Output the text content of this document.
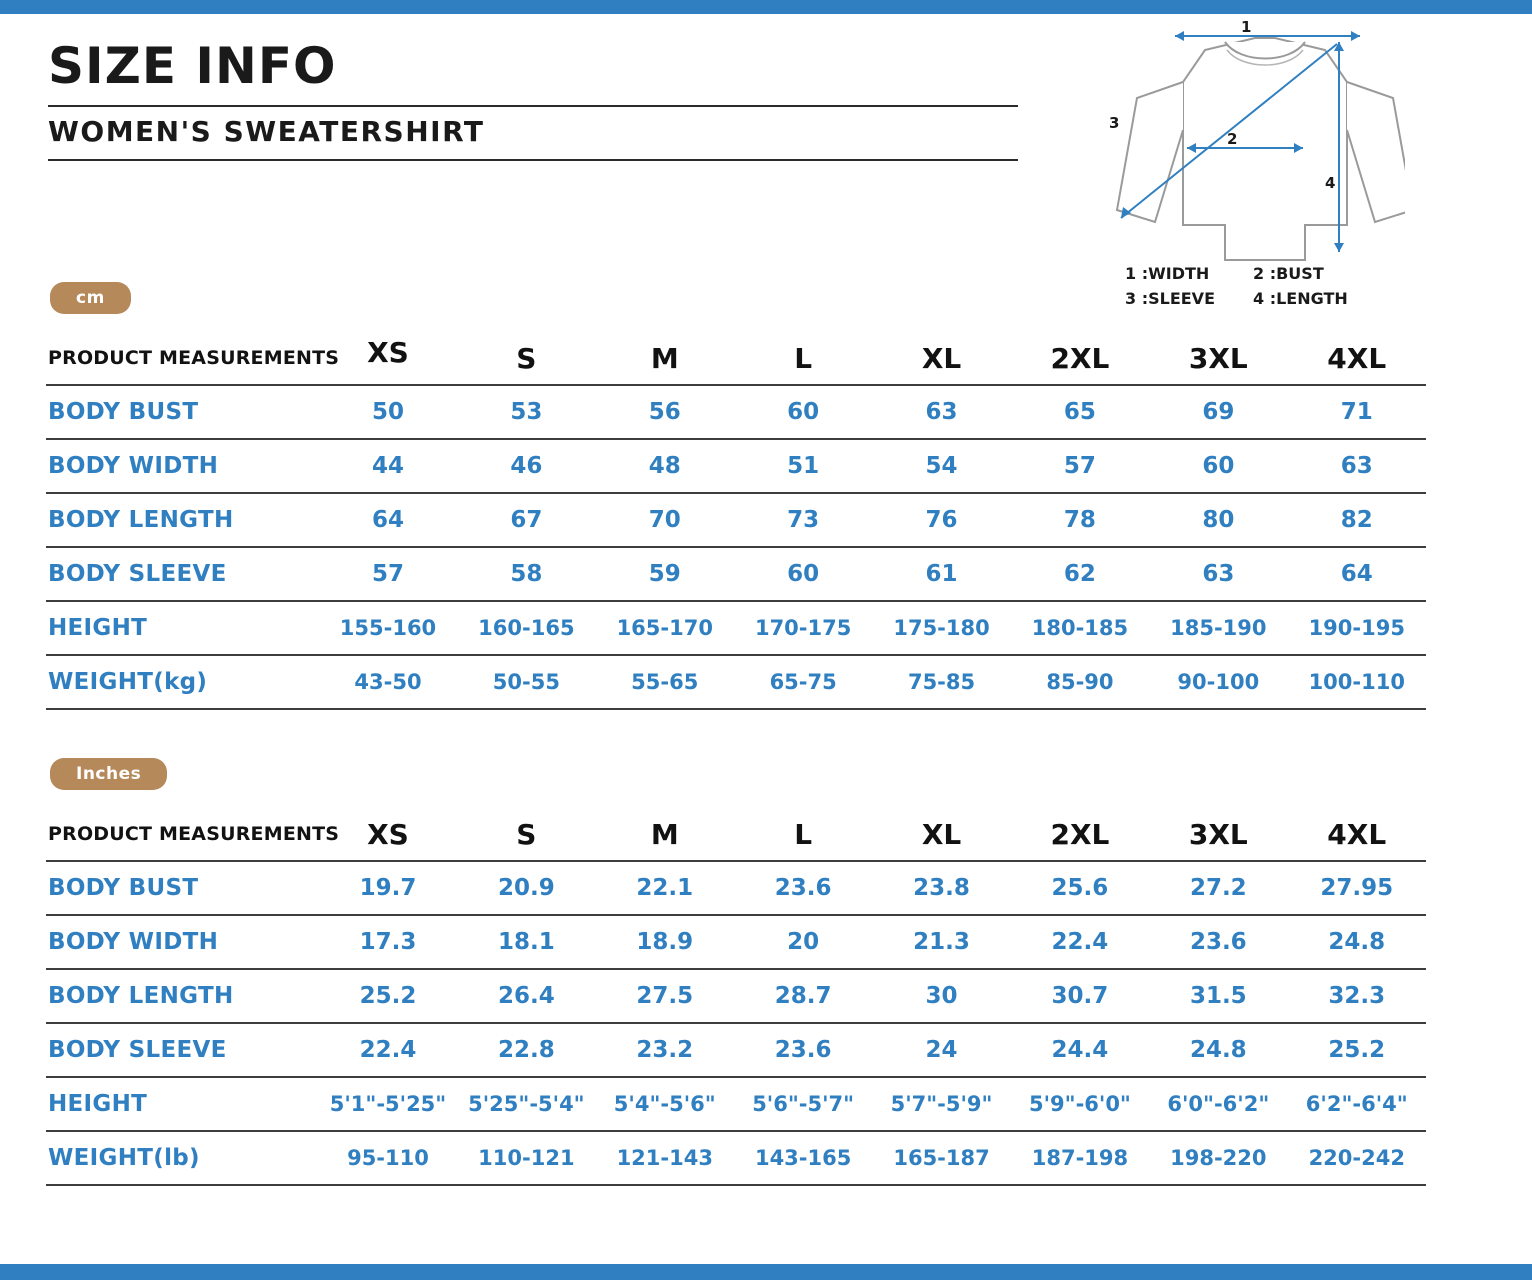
SIZE INFO
WOMEN'S SWEATERSHIRT
1
2
3
4
1 :WIDTH	2 :BUST
3 :SLEEVE	4 :LENGTH
cm
PRODUCT MEASUREMENTS	XS	S	M	L	XL	2XL	3XL	4XL
BODY BUST	50	53	56	60	63	65	69	71
BODY WIDTH	44	46	48	51	54	57	60	63
BODY LENGTH	64	67	70	73	76	78	80	82
BODY SLEEVE	57	58	59	60	61	62	63	64
HEIGHT	155-160	160-165	165-170	170-175	175-180	180-185	185-190	190-195
WEIGHT(kg)	43-50	50-55	55-65	65-75	75-85	85-90	90-100	100-110
Inches
PRODUCT MEASUREMENTS	XS	S	M	L	XL	2XL	3XL	4XL
BODY BUST	19.7	20.9	22.1	23.6	23.8	25.6	27.2	27.95
BODY WIDTH	17.3	18.1	18.9	20	21.3	22.4	23.6	24.8
BODY LENGTH	25.2	26.4	27.5	28.7	30	30.7	31.5	32.3
BODY SLEEVE	22.4	22.8	23.2	23.6	24	24.4	24.8	25.2
HEIGHT	5'1"-5'25"	5'25"-5'4"	5'4"-5'6"	5'6"-5'7"	5'7"-5'9"	5'9"-6'0"	6'0"-6'2"	6'2"-6'4"
WEIGHT(lb)	95-110	110-121	121-143	143-165	165-187	187-198	198-220	220-242
